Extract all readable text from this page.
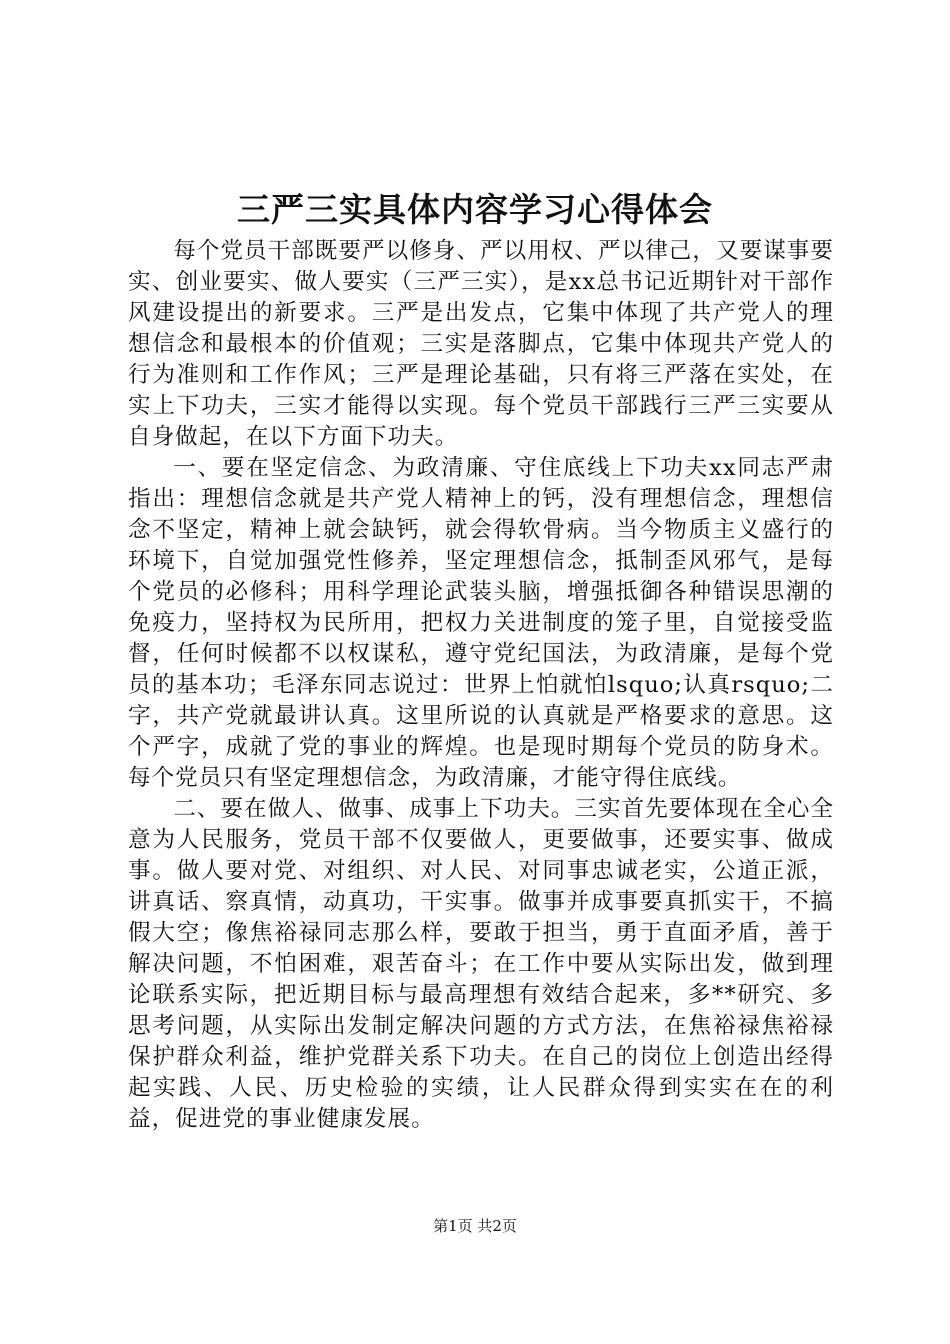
三严三实具体内容学习心得体会

每个党员干部既要严以修身、严以用权、严以律己，又要谋事要实、创业要实、做人要实（三严三实），是xx总书记近期针对干部作风建设提出的新要求。三严是出发点，它集中体现了共产党人的理想信念和最根本的价值观；三实是落脚点，它集中体现共产党人的行为准则和工作作风；三严是理论基础，只有将三严落在实处，在实上下功夫，三实才能得以实现。每个党员干部践行三严三实要从自身做起，在以下方面下功夫。

一、要在坚定信念、为政清廉、守住底线上下功夫xx同志严肃指出：理想信念就是共产党人精神上的钙，没有理想信念，理想信念不坚定，精神上就会缺钙，就会得软骨病。当今物质主义盛行的环境下，自觉加强党性修养，坚定理想信念，抵制歪风邪气，是每个党员的必修科；用科学理论武装头脑，增强抵御各种错误思潮的免疫力，坚持权为民所用，把权力关进制度的笼子里，自觉接受监督，任何时候都不以权谋私，遵守党纪国法，为政清廉，是每个党员的基本功；毛泽东同志说过：世界上怕就怕lsquo;认真rsquo;二字，共产党就最讲认真。这里所说的认真就是严格要求的意思。这个严字，成就了党的事业的辉煌。也是现时期每个党员的防身术。每个党员只有坚定理想信念，为政清廉，才能守得住底线。

二、要在做人、做事、成事上下功夫。三实首先要体现在全心全意为人民服务，党员干部不仅要做人，更要做事，还要实事、做成事。做人要对党、对组织、对人民、对同事忠诚老实，公道正派，讲真话、察真情，动真功，干实事。做事并成事要真抓实干，不搞假大空；像焦裕禄同志那么样，要敢于担当，勇于直面矛盾，善于解决问题，不怕困难，艰苦奋斗；在工作中要从实际出发，做到理论联系实际，把近期目标与最高理想有效结合起来，多**研究、多思考问题，从实际出发制定解决问题的方式方法，在焦裕禄焦裕禄保护群众利益，维护党群关系下功夫。在自己的岗位上创造出经得起实践、人民、历史检验的实绩，让人民群众得到实实在在的利益，促进党的事业健康发展。

第1页 共2页
